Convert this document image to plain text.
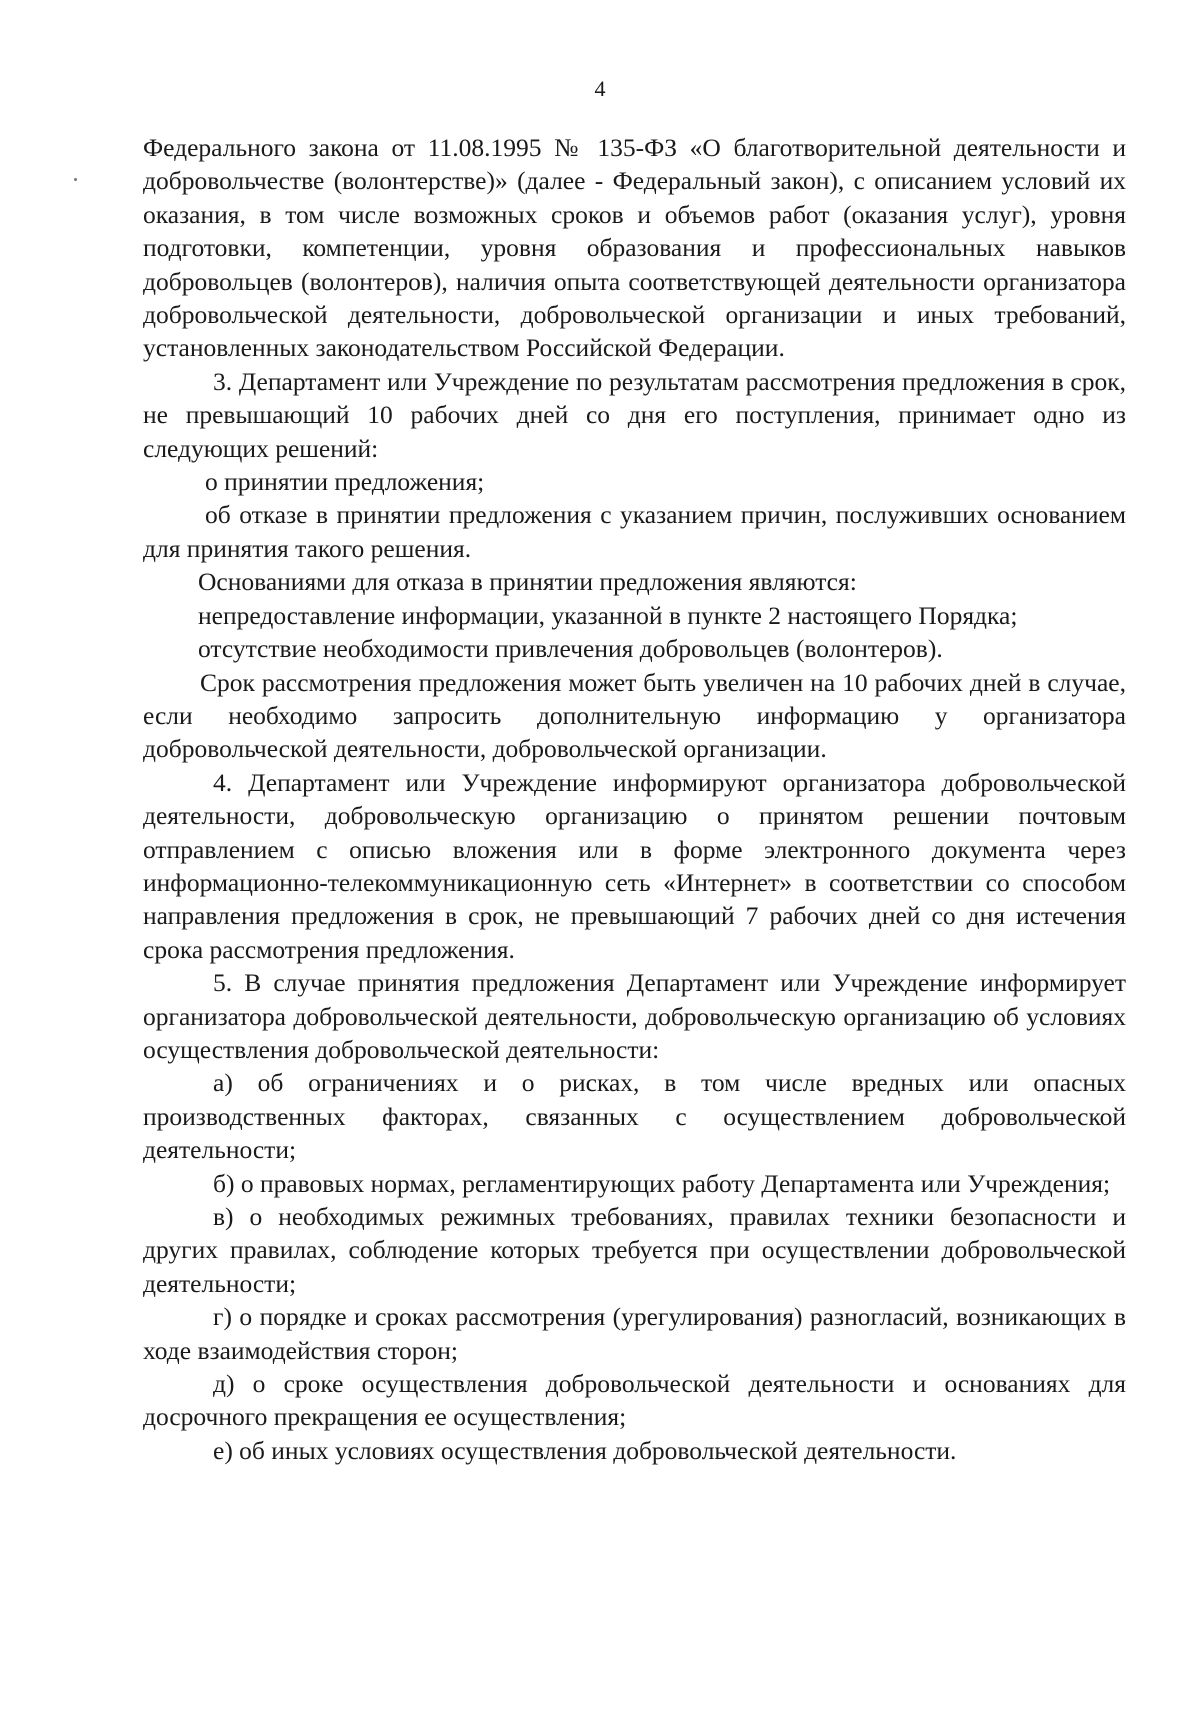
4

Федерального закона от 11.08.1995 № 135-ФЗ «О благотворительной деятельности и добровольчестве (волонтерстве)» (далее - Федеральный закон), с описанием условий их оказания, в том числе возможных сроков и объемов работ (оказания услуг), уровня подготовки, компетенции, уровня образования и профессиональных навыков добровольцев (волонтеров), наличия опыта соответствующей деятельности организатора добровольческой деятельности, добровольческой организации и иных требований, установленных законодательством Российской Федерации.

3. Департамент или Учреждение по результатам рассмотрения предложения в срок, не превышающий 10 рабочих дней со дня его поступления, принимает одно из следующих решений:

о принятии предложения;

об отказе в принятии предложения с указанием причин, послуживших основанием для принятия такого решения.

Основаниями для отказа в принятии предложения являются:

непредоставление информации, указанной в пункте 2 настоящего Порядка;

отсутствие необходимости привлечения добровольцев (волонтеров).

Срок рассмотрения предложения может быть увеличен на 10 рабочих дней в случае, если необходимо запросить дополнительную информацию у организатора добровольческой деятельности, добровольческой организации.

4. Департамент или Учреждение информируют организатора добровольческой деятельности, добровольческую организацию о принятом решении почтовым отправлением с описью вложения или в форме электронного документа через информационно-телекоммуникационную сеть «Интернет» в соответствии со способом направления предложения в срок, не превышающий 7 рабочих дней со дня истечения срока рассмотрения предложения.

5. В случае принятия предложения Департамент или Учреждение информирует организатора добровольческой деятельности, добровольческую организацию об условиях осуществления добровольческой деятельности:

а) об ограничениях и о рисках, в том числе вредных или опасных производственных факторах, связанных с осуществлением добровольческой деятельности;

б) о правовых нормах, регламентирующих работу Департамента или Учреждения;

в) о необходимых режимных требованиях, правилах техники безопасности и других правилах, соблюдение которых требуется при осуществлении добровольческой деятельности;

г) о порядке и сроках рассмотрения (урегулирования) разногласий, возникающих в ходе взаимодействия сторон;

д) о сроке осуществления добровольческой деятельности и основаниях для досрочного прекращения ее осуществления;

е) об иных условиях осуществления добровольческой деятельности.
